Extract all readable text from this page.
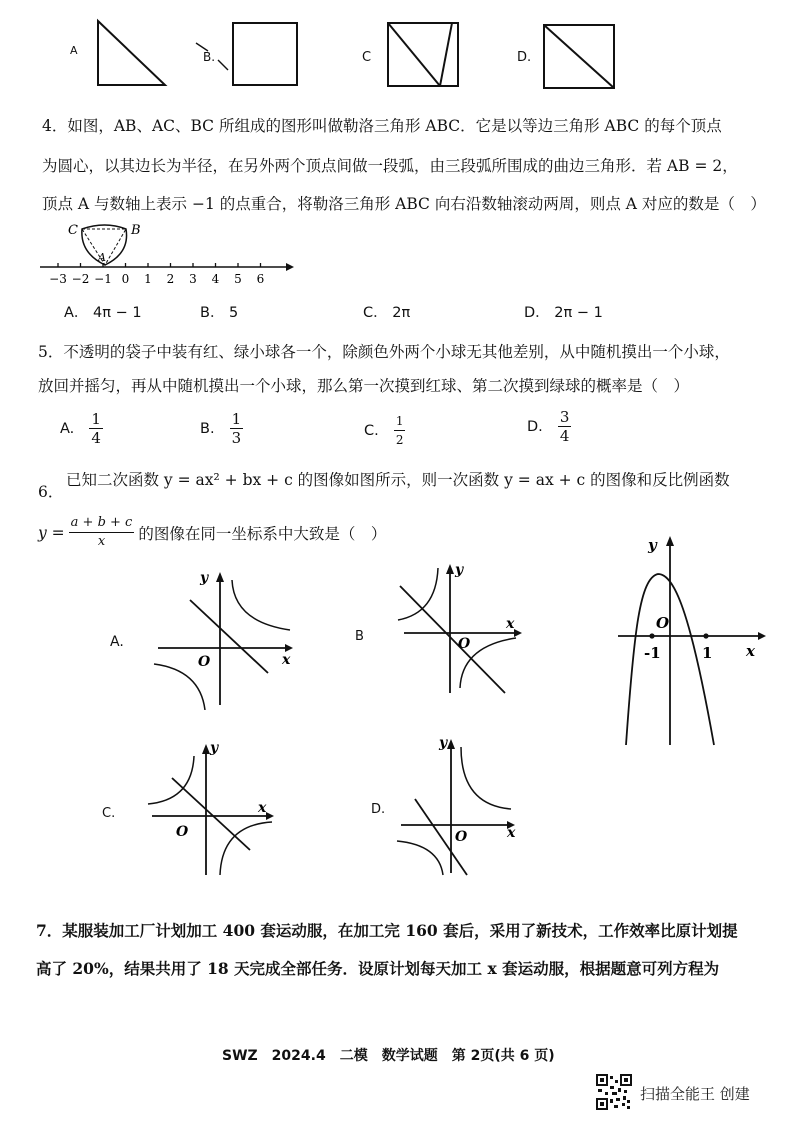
A	B.	C	D.
4．如图，AB、AC、BC 所组成的图形叫做勒洛三角形 ABC．它是以等边三角形 ABC 的每个顶点
为圆心，以其边长为半径，在另外两个顶点间做一段弧，由三段弧所围成的曲边三角形．若 AB = 2，
顶点 A 与数轴上表示 −1 的点重合，将勒洛三角形 ABC 向右沿数轴滚动两周，则点 A 对应的数是（　）
C	B
A
−3 −2 −1 0 1 2 3 4 5 6
A． 4π − 1	B． 5	C． 2π	D． 2π − 1
5．不透明的袋子中装有红、绿小球各一个，除颜色外两个小球无其他差别，从中随机摸出一个小球，
放回并摇匀，再从中随机摸出一个小球，那么第一次摸到红球、第二次摸到绿球的概率是（　）
A. $\frac{1}{4}$	B. $\frac{1}{3}$	C. $\frac{1}{2}$	D. $\frac{3}{4}$
6．
已知二次函数 y = ax² + bx + c 的图像如图所示，则一次函数 y = ax + c 的图像和反比例函数
$y = \frac{a + b + c}{x}$ 的图像在同一坐标系中大致是（　）
A.
y
x
O
B
y
x
O
y
x
O
-1	1
C.
y
x
O
D.
y
x
O
7．某服装加工厂计划加工 400 套运动服，在加工完 160 套后，采用了新技术，工作效率比原计划提
高了 20%，结果共用了 18 天完成全部任务．设原计划每天加工 x 套运动服，根据题意可列方程为
SWZ　2024.4　二模　数学试题　第 2页(共 6 页)
扫描全能王 创建
